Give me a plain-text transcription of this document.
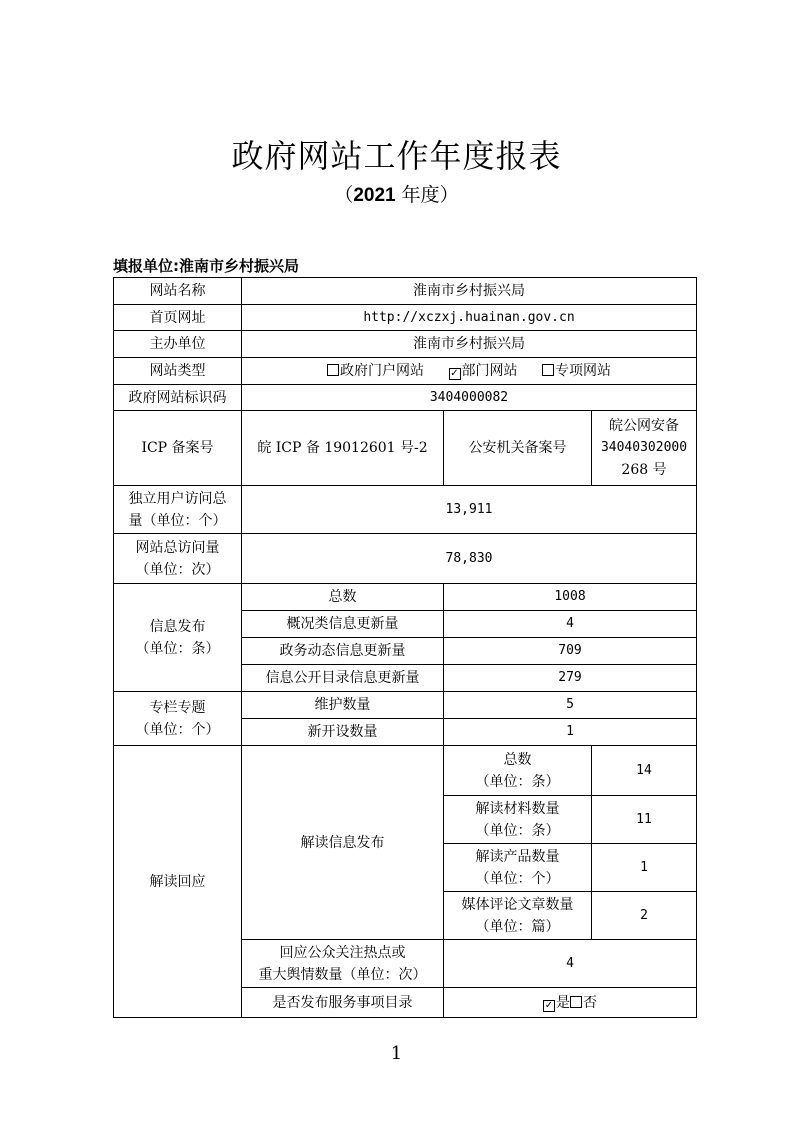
政府网站工作年度报表
（2021 年度）
填报单位:淮南市乡村振兴局
网站名称	淮南市乡村振兴局		
首页网址	http://xczxj.huainan.gov.cn		
主办单位	淮南市乡村振兴局		
网站类型	政府门户网站 ✓ 部门网站 专项网站		
政府网站标识码	3404000082		
ICP 备案号	皖 ICP 备 19012601 号-2	公安机关备案号	皖公网安备
34040302000
268 号

独立用户访问总
量（单位：个）	13,911		

网站总访问量
（单位：次）	78,830		

信息发布
（单位：条）	总数	1008	
	概况类信息更新量	4	
	政务动态信息更新量	709	
	信息公开目录信息更新量	279	

专栏专题
（单位：个）	维护数量	5	
	新开设数量	1	
解读回应	解读信息发布	总数
（单位：条）	14

		解读材料数量
（单位：条）	11

		解读产品数量
（单位：个）	1

		媒体评论文章数量
（单位：篇）	2

	回应公众关注热点或
重大舆情数量（单位：次）	4	
	是否发布服务事项目录	✓ 是 否	
1
